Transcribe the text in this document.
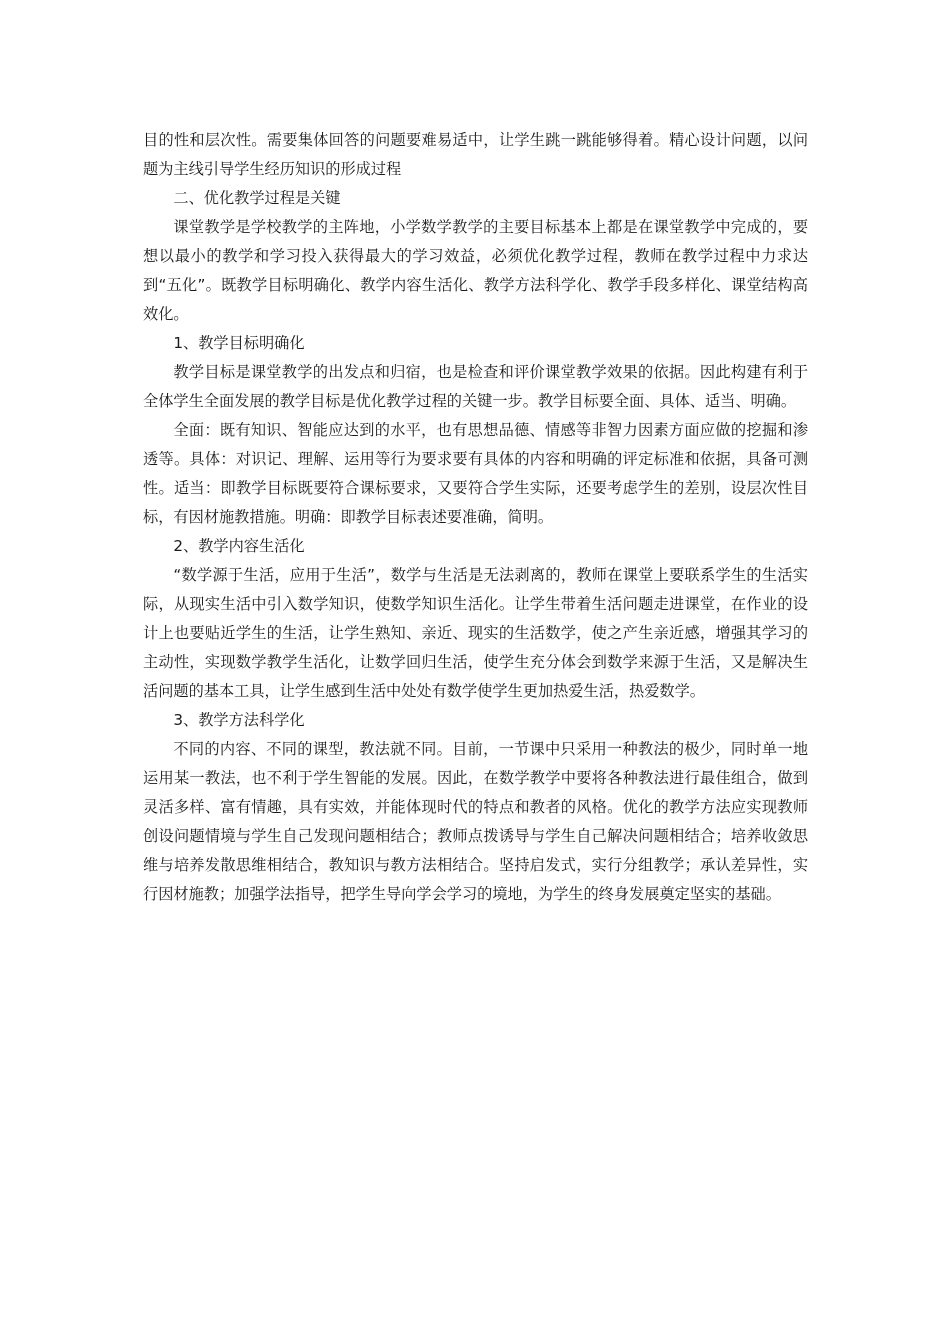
目的性和层次性。需要集体回答的问题要难易适中，让学生跳一跳能够得着。精心设计问题，以问题为主线引导学生经历知识的形成过程

二、优化教学过程是关键

课堂教学是学校教学的主阵地，小学数学教学的主要目标基本上都是在课堂教学中完成的，要想以最小的教学和学习投入获得最大的学习效益，必须优化教学过程，教师在教学过程中力求达到“五化”。既教学目标明确化、教学内容生活化、教学方法科学化、教学手段多样化、课堂结构高效化。

1、教学目标明确化

教学目标是课堂教学的出发点和归宿，也是检查和评价课堂教学效果的依据。因此构建有利于全体学生全面发展的教学目标是优化教学过程的关键一步。教学目标要全面、具体、适当、明确。

全面：既有知识、智能应达到的水平，也有思想品德、情感等非智力因素方面应做的挖掘和渗透等。具体：对识记、理解、运用等行为要求要有具体的内容和明确的评定标准和依据，具备可测性。适当：即教学目标既要符合课标要求，又要符合学生实际，还要考虑学生的差别，设层次性目标，有因材施教措施。明确：即教学目标表述要准确，简明。

2、教学内容生活化

“数学源于生活，应用于生活”，数学与生活是无法剥离的，教师在课堂上要联系学生的生活实际，从现实生活中引入数学知识，使数学知识生活化。让学生带着生活问题走进课堂，在作业的设计上也要贴近学生的生活，让学生熟知、亲近、现实的生活数学，使之产生亲近感，增强其学习的主动性，实现数学教学生活化，让数学回归生活，使学生充分体会到数学来源于生活，又是解决生活问题的基本工具，让学生感到生活中处处有数学使学生更加热爱生活，热爱数学。

3、教学方法科学化

不同的内容、不同的课型，教法就不同。目前，一节课中只采用一种教法的极少，同时单一地运用某一教法，也不利于学生智能的发展。因此，在数学教学中要将各种教法进行最佳组合，做到灵活多样、富有情趣，具有实效，并能体现时代的特点和教者的风格。优化的教学方法应实现教师创设问题情境与学生自己发现问题相结合；教师点拨诱导与学生自己解决问题相结合；培养收敛思维与培养发散思维相结合，教知识与教方法相结合。坚持启发式，实行分组教学；承认差异性，实行因材施教；加强学法指导，把学生导向学会学习的境地，为学生的终身发展奠定坚实的基础。
